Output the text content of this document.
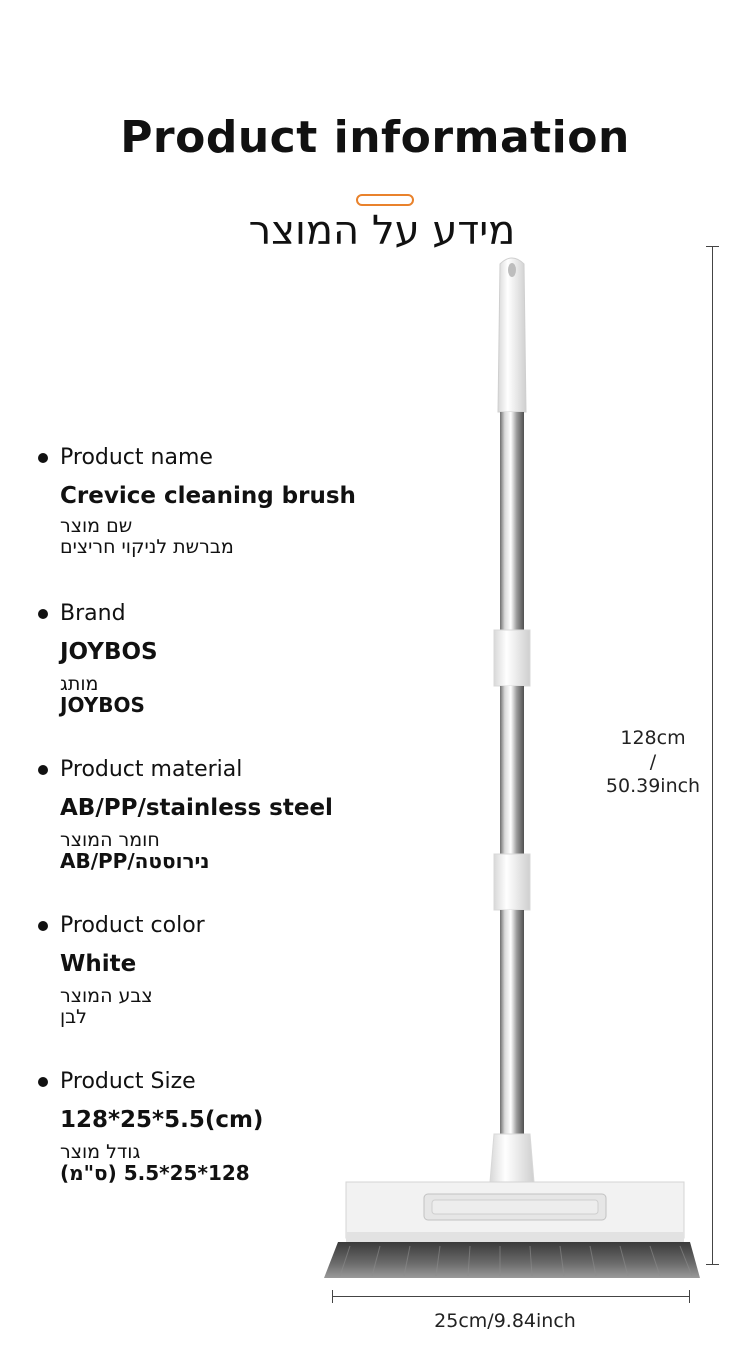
Product information
מידע על המוצר
Product name
Crevice cleaning brush
שם מוצר
מברשת לניקוי חריצים
Brand
JOYBOS
מותג
JOYBOS
Product material
AB/PP/stainless steel
חומר המוצר
AB/PP/נירוסטה
Product color
White
צבע המוצר
לבן
Product Size
128*25*5.5(cm)
גודל מוצר
128*25*5.5 (ס"מ)
128cm
/
50.39inch
25cm/9.84inch
